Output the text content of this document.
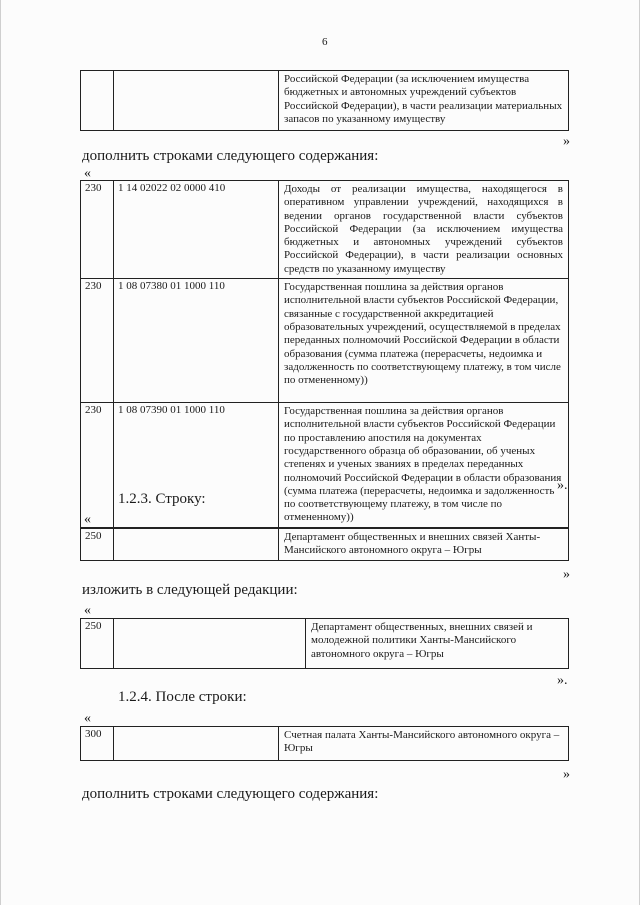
6
		Российской Федерации (за исключением имущества бюджетных и автономных учреждений субъектов Российской Федерации), в части реализации материальных запасов по указанному имуществу
»
дополнить строками следующего содержания:
«
230	1 14 02022 02 0000 410	Доходы от реализации имущества, находящегося в оперативном управлении учреждений, находящихся в ведении органов государственной власти субъектов Российской Федерации (за исключением имущества бюджетных и автономных учреждений субъектов Российской Федерации), в части реализации основных средств по указанному имуществу
230	1 08 07380 01 1000 110	Государственная пошлина за действия органов исполнительной власти субъектов Российской Федерации, связанные с государственной аккредитацией образовательных учреждений, осуществляемой в пределах переданных полномочий Российской Федерации в области образования (сумма платежа (перерасчеты, недоимка и задолженность по соответствующему платежу, в том числе по отмененному))
230	1 08 07390 01 1000 110	Государственная пошлина за действия органов исполнительной власти субъектов Российской Федерации по проставлению апостиля на документах государственного образца об образовании, об ученых степенях и ученых званиях в пределах переданных полномочий Российской Федерации в области образования (сумма платежа (перерасчеты, недоимка и задолженность по соответствующему платежу, в том числе по отмененному))
».
1.2.3. Строку:
«
250		Департамент общественных и внешних связей Ханты-Мансийского автономного округа – Югры
»
изложить в следующей редакции:
«
250		Департамент общественных, внешних связей и молодежной политики Ханты-Мансийского автономного округа – Югры
».
1.2.4. После строки:
«
300		Счетная палата Ханты-Мансийского автономного округа – Югры
»
дополнить строками следующего содержания:
